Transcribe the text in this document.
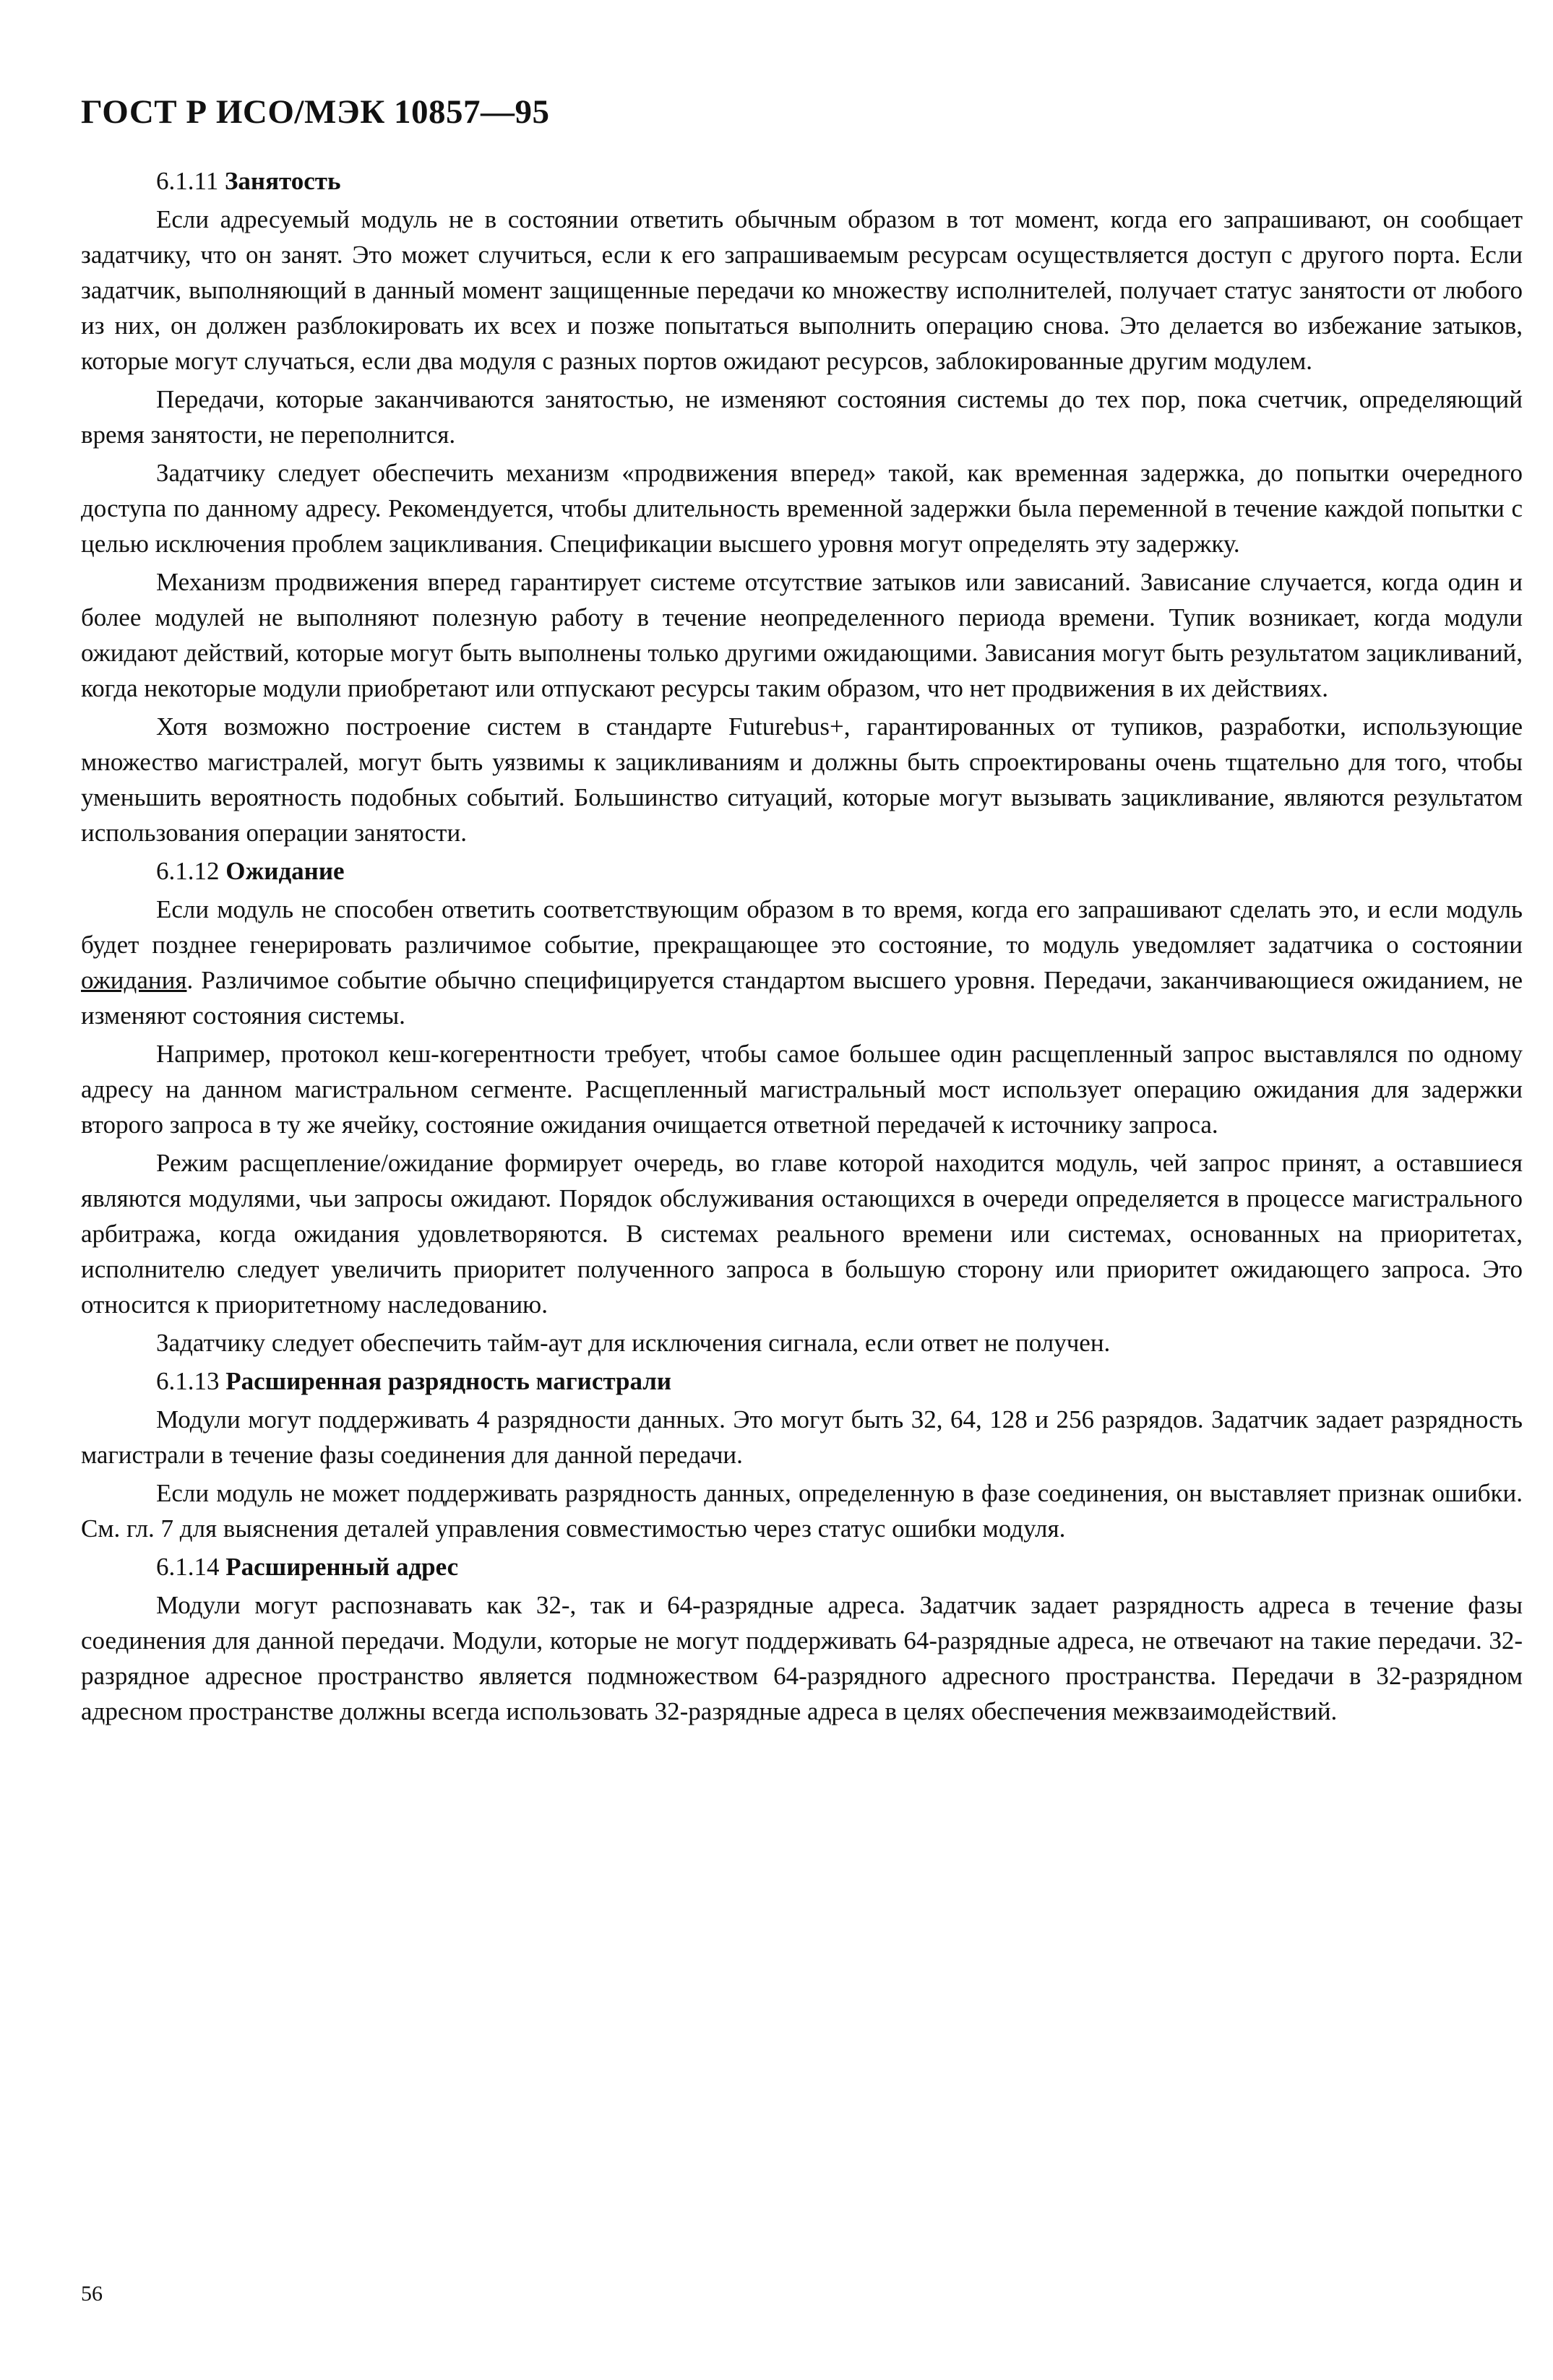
ГОСТ Р ИСО/МЭК 10857—95
6.1.11 Занятость

Если адресуемый модуль не в состоянии ответить обычным образом в тот момент, когда его запрашивают, он сообщает задатчику, что он занят. Это может случиться, если к его запрашиваемым ресурсам осуществляется доступ с другого порта. Если задатчик, выполняющий в данный момент защищенные передачи ко множеству исполнителей, получает статус занятости от любого из них, он должен разблокировать их всех и позже попытаться выполнить операцию снова. Это делается во избежание затыков, которые могут случаться, если два модуля с разных портов ожидают ресурсов, заблокированные другим модулем.

Передачи, которые заканчиваются занятостью, не изменяют состояния системы до тех пор, пока счетчик, определяющий время занятости, не переполнится.

Задатчику следует обеспечить механизм «продвижения вперед» такой, как временная задержка, до попытки очередного доступа по данному адресу. Рекомендуется, чтобы длительность временной задержки была переменной в течение каждой попытки с целью исключения проблем зацикливания. Спецификации высшего уровня могут определять эту задержку.

Механизм продвижения вперед гарантирует системе отсутствие затыков или зависаний. Зависание случается, когда один и более модулей не выполняют полезную работу в течение неопределенного периода времени. Тупик возникает, когда модули ожидают действий, которые могут быть выполнены только другими ожидающими. Зависания могут быть результатом зацикливаний, когда некоторые модули приобретают или отпускают ресурсы таким образом, что нет продвижения в их действиях.

Хотя возможно построение систем в стандарте Futurebus+, гарантированных от тупиков, разработки, использующие множество магистралей, могут быть уязвимы к зацикливаниям и должны быть спроектированы очень тщательно для того, чтобы уменьшить вероятность подобных событий. Большинство ситуаций, которые могут вызывать зацикливание, являются результатом использования операции занятости.

6.1.12 Ожидание

Если модуль не способен ответить соответствующим образом в то время, когда его запрашивают сделать это, и если модуль будет позднее генерировать различимое событие, прекращающее это состояние, то модуль уведомляет задатчика о состоянии ожидания. Различимое событие обычно специфицируется стандартом высшего уровня. Передачи, заканчивающиеся ожиданием, не изменяют состояния системы.

Например, протокол кеш-когерентности требует, чтобы самое большее один расщепленный запрос выставлялся по одному адресу на данном магистральном сегменте. Расщепленный магистральный мост использует операцию ожидания для задержки второго запроса в ту же ячейку, состояние ожидания очищается ответной передачей к источнику запроса.

Режим расщепление/ожидание формирует очередь, во главе которой находится модуль, чей запрос принят, а оставшиеся являются модулями, чьи запросы ожидают. Порядок обслуживания остающихся в очереди определяется в процессе магистрального арбитража, когда ожидания удовлетворяются. В системах реального времени или системах, основанных на приоритетах, исполнителю следует увеличить приоритет полученного запроса в большую сторону или приоритет ожидающего запроса. Это относится к приоритетному наследованию.

Задатчику следует обеспечить тайм-аут для исключения сигнала, если ответ не получен.

6.1.13 Расширенная разрядность магистрали

Модули могут поддерживать 4 разрядности данных. Это могут быть 32, 64, 128 и 256 разрядов. Задатчик задает разрядность магистрали в течение фазы соединения для данной передачи.

Если модуль не может поддерживать разрядность данных, определенную в фазе соединения, он выставляет признак ошибки. См. гл. 7 для выяснения деталей управления совместимостью через статус ошибки модуля.

6.1.14 Расширенный адрес

Модули могут распознавать как 32-, так и 64-разрядные адреса. Задатчик задает разрядность адреса в течение фазы соединения для данной передачи. Модули, которые не могут поддерживать 64-разрядные адреса, не отвечают на такие передачи. 32-разрядное адресное пространство является подмножеством 64-разрядного адресного пространства. Передачи в 32-разрядном адресном пространстве должны всегда использовать 32-разрядные адреса в целях обеспечения межвзаимодействий.

56
